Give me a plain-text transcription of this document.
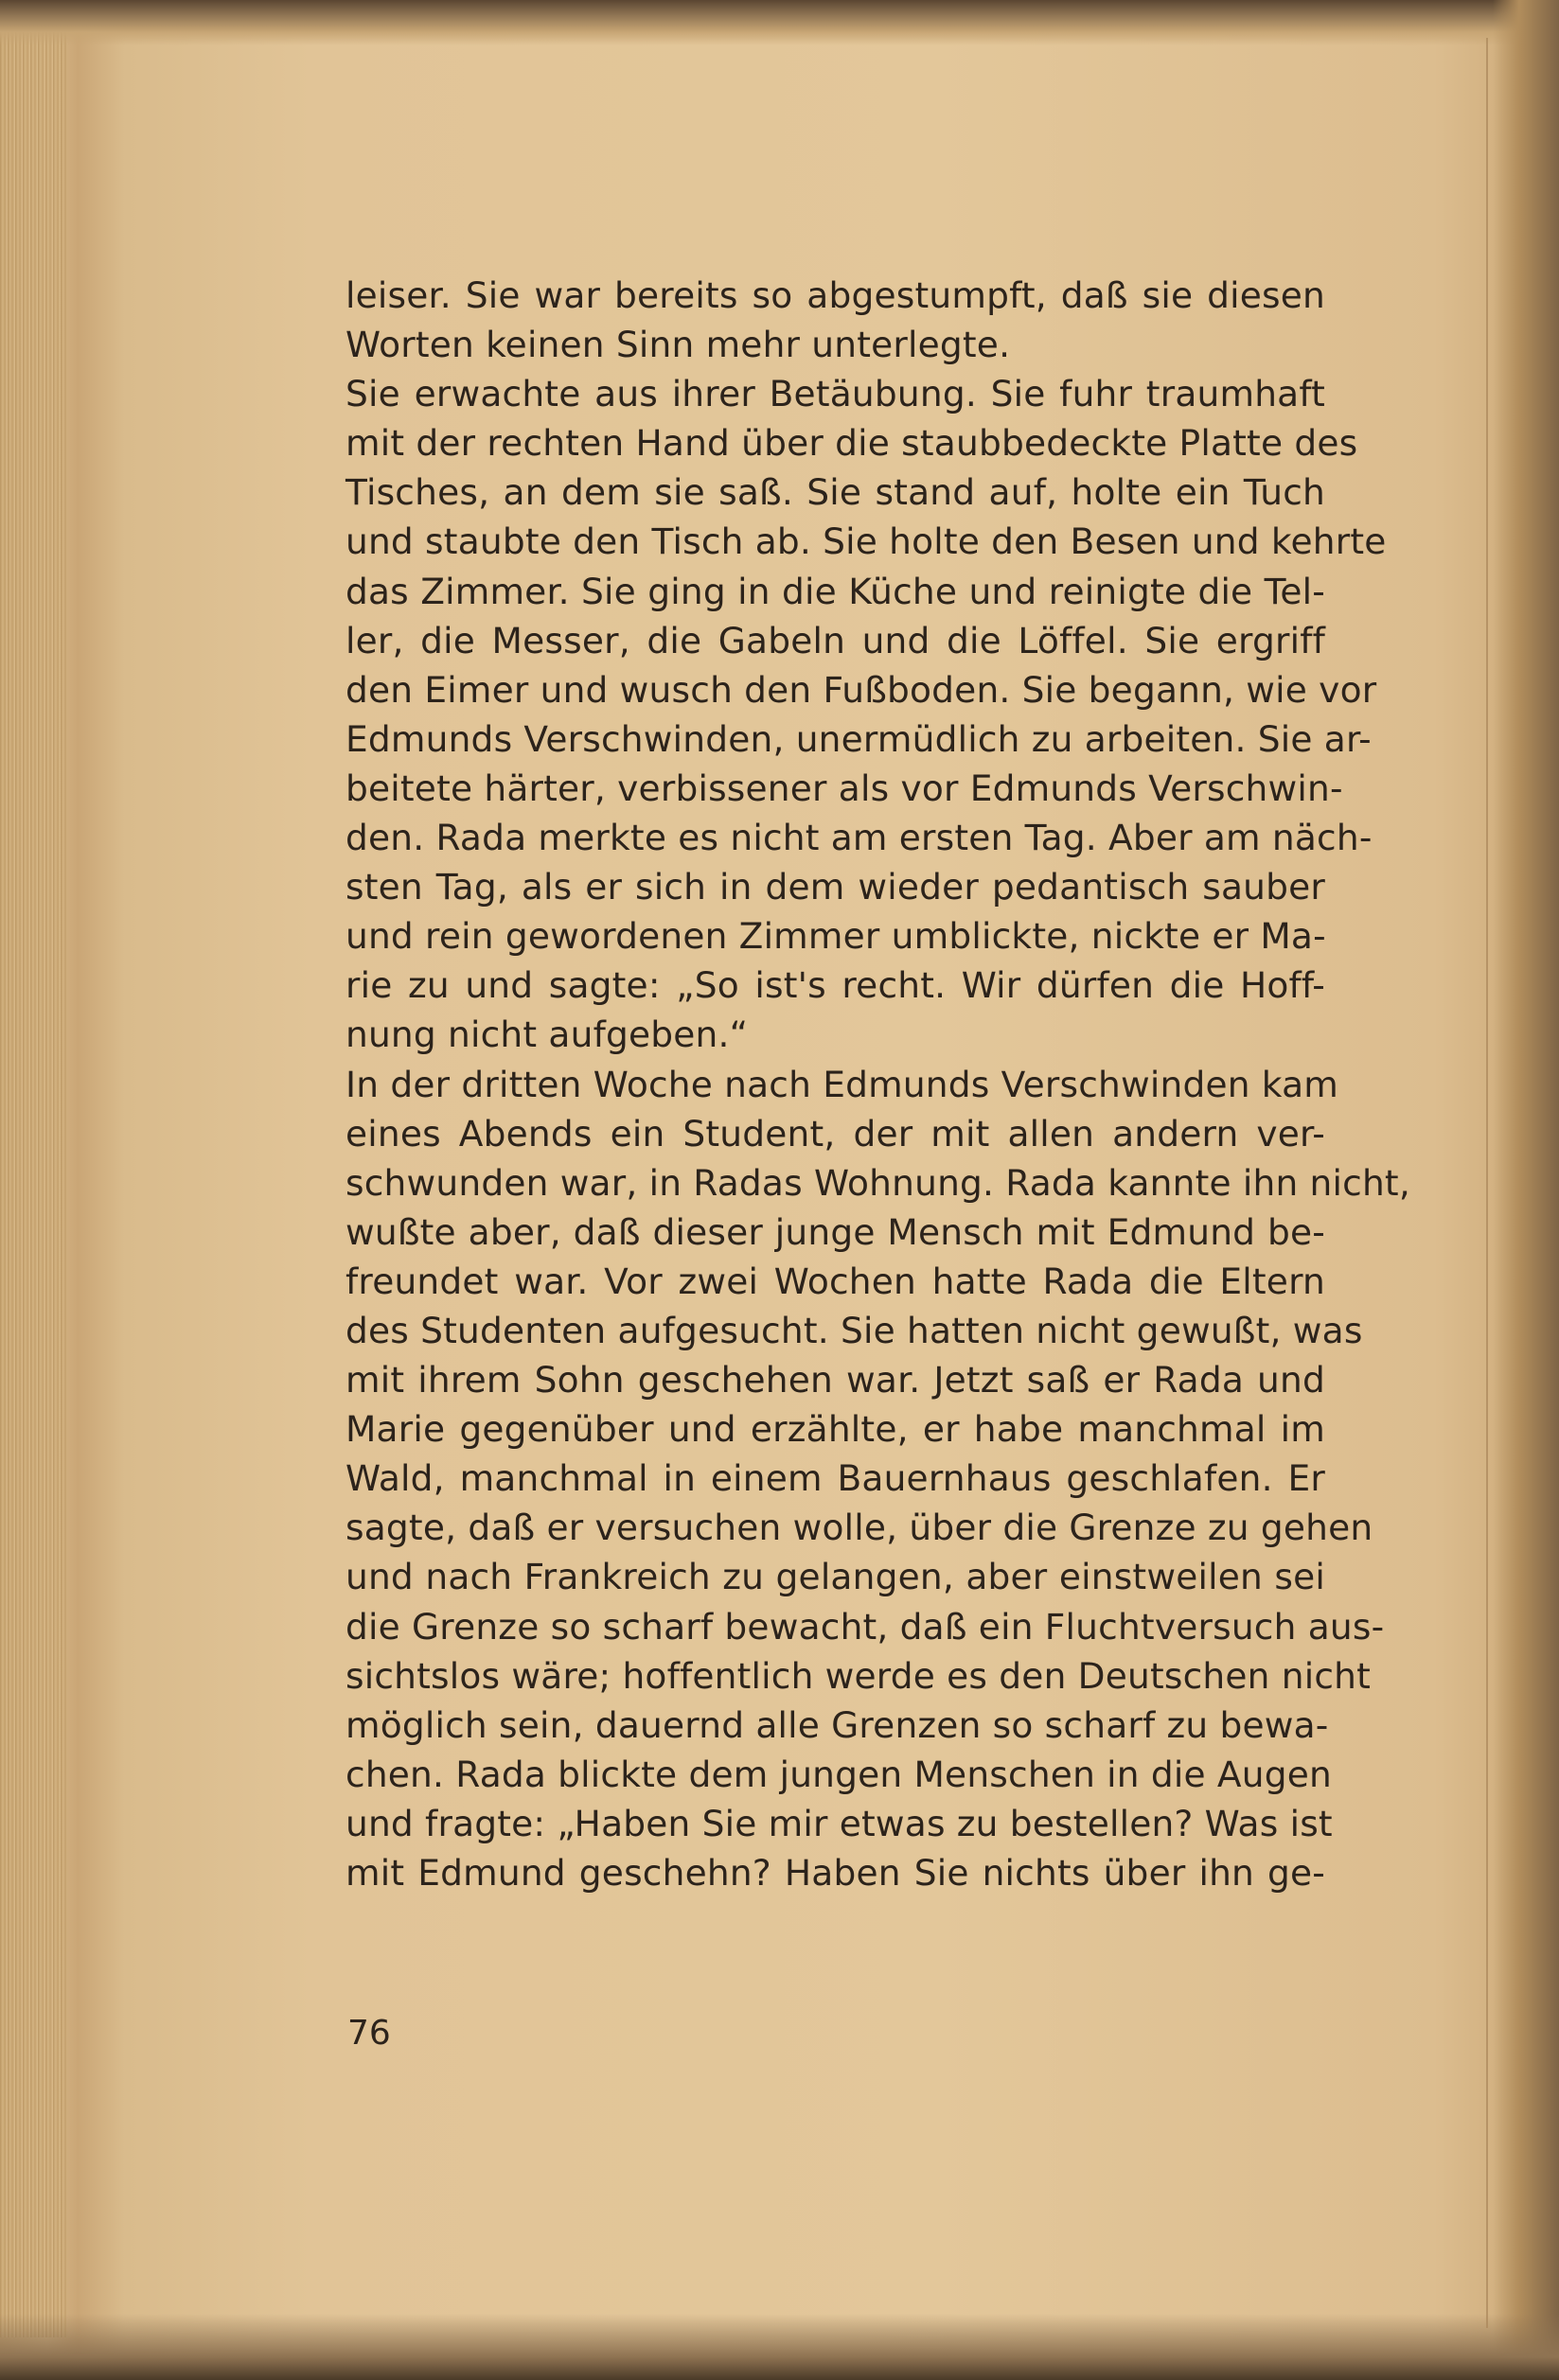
leiser. Sie war bereits so abgestumpft, daß sie diesen
Worten keinen Sinn mehr unterlegte.
Sie erwachte aus ihrer Betäubung. Sie fuhr traumhaft
mit der rechten Hand über die staubbedeckte Platte des
Tisches, an dem sie saß. Sie stand auf, holte ein Tuch
und staubte den Tisch ab. Sie holte den Besen und kehrte
das Zimmer. Sie ging in die Küche und reinigte die Tel-
ler, die Messer, die Gabeln und die Löffel. Sie ergriff
den Eimer und wusch den Fußboden. Sie begann, wie vor
Edmunds Verschwinden, unermüdlich zu arbeiten. Sie ar-
beitete härter, verbissener als vor Edmunds Verschwin-
den. Rada merkte es nicht am ersten Tag. Aber am näch-
sten Tag, als er sich in dem wieder pedantisch sauber
und rein gewordenen Zimmer umblickte, nickte er Ma-
rie zu und sagte: „So ist's recht. Wir dürfen die Hoff-
nung nicht aufgeben.“
In der dritten Woche nach Edmunds Verschwinden kam
eines Abends ein Student, der mit allen andern ver-
schwunden war, in Radas Wohnung. Rada kannte ihn nicht,
wußte aber, daß dieser junge Mensch mit Edmund be-
freundet war. Vor zwei Wochen hatte Rada die Eltern
des Studenten aufgesucht. Sie hatten nicht gewußt, was
mit ihrem Sohn geschehen war. Jetzt saß er Rada und
Marie gegenüber und erzählte, er habe manchmal im
Wald, manchmal in einem Bauernhaus geschlafen. Er
sagte, daß er versuchen wolle, über die Grenze zu gehen
und nach Frankreich zu gelangen, aber einstweilen sei
die Grenze so scharf bewacht, daß ein Fluchtversuch aus-
sichtslos wäre; hoffentlich werde es den Deutschen nicht
möglich sein, dauernd alle Grenzen so scharf zu bewa-
chen. Rada blickte dem jungen Menschen in die Augen
und fragte: „Haben Sie mir etwas zu bestellen? Was ist
mit Edmund geschehn? Haben Sie nichts über ihn ge-
76
